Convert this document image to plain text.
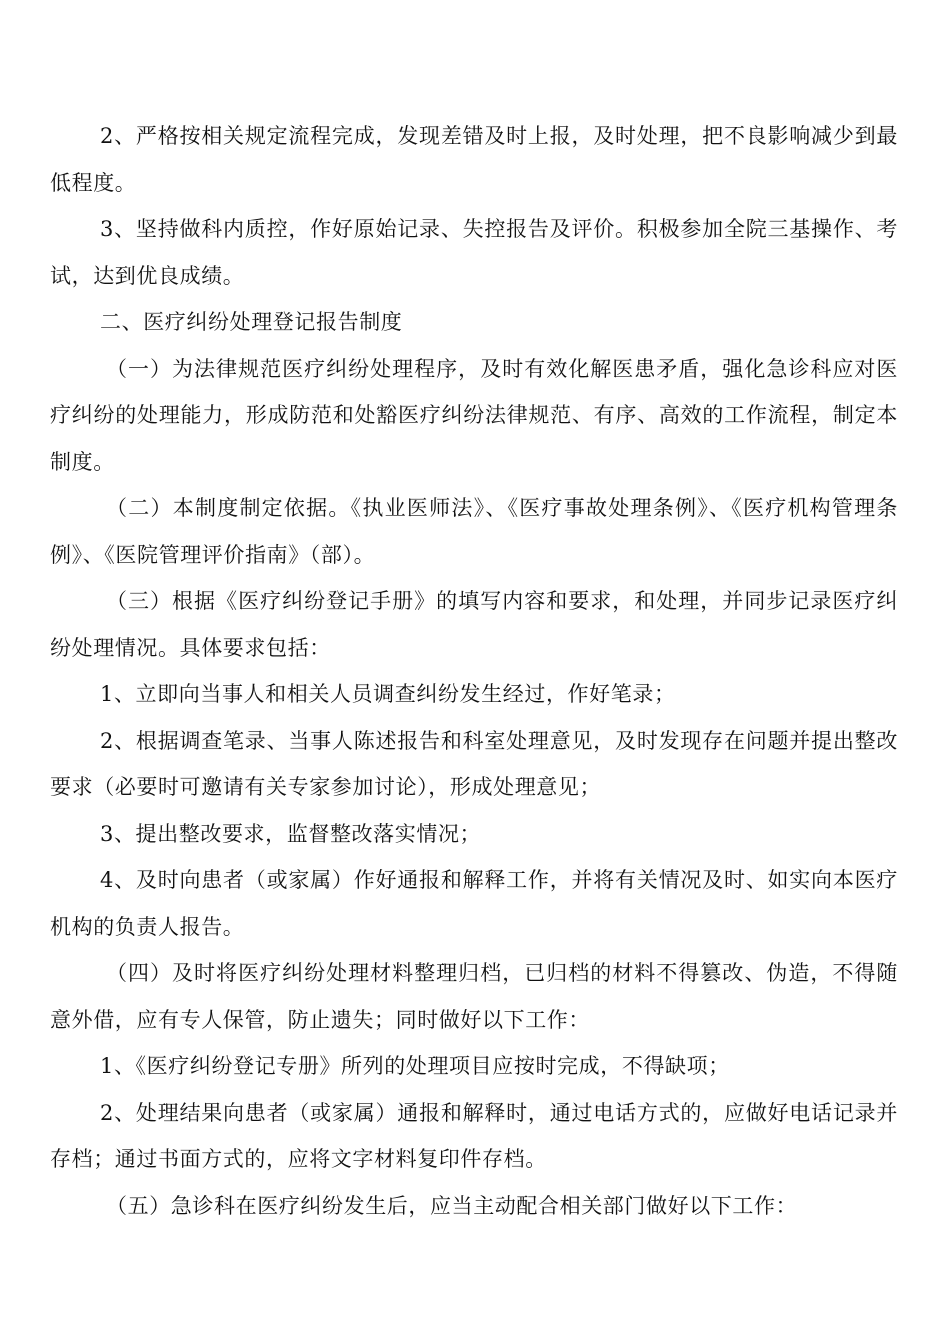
2、严格按相关规定流程完成，发现差错及时上报，及时处理，把不良影响减少到最低程度。

3、坚持做科内质控，作好原始记录、失控报告及评价。积极参加全院三基操作、考试，达到优良成绩。

二、医疗纠纷处理登记报告制度

（一）为法律规范医疗纠纷处理程序，及时有效化解医患矛盾，强化急诊科应对医疗纠纷的处理能力，形成防范和处豁医疗纠纷法律规范、有序、高效的工作流程，制定本制度。

（二）本制度制定依据。《执业医师法》、《医疗事故处理条例》、《医疗机构管理条例》、《医院管理评价指南》（部）。

（三）根据《医疗纠纷登记手册》的填写内容和要求，和处理，并同步记录医疗纠纷处理情况。具体要求包括：

1、立即向当事人和相关人员调查纠纷发生经过，作好笔录；

2、根据调查笔录、当事人陈述报告和科室处理意见，及时发现存在问题并提出整改要求（必要时可邀请有关专家参加讨论），形成处理意见；

3、提出整改要求，监督整改落实情况；

4、及时向患者（或家属）作好通报和解释工作，并将有关情况及时、如实向本医疗机构的负责人报告。

（四）及时将医疗纠纷处理材料整理归档，已归档的材料不得篡改、伪造，不得随意外借，应有专人保管，防止遗失；同时做好以下工作：

1、《医疗纠纷登记专册》所列的处理项目应按时完成，不得缺项；

2、处理结果向患者（或家属）通报和解释时，通过电话方式的，应做好电话记录并存档；通过书面方式的，应将文字材料复印件存档。

（五）急诊科在医疗纠纷发生后，应当主动配合相关部门做好以下工作：
